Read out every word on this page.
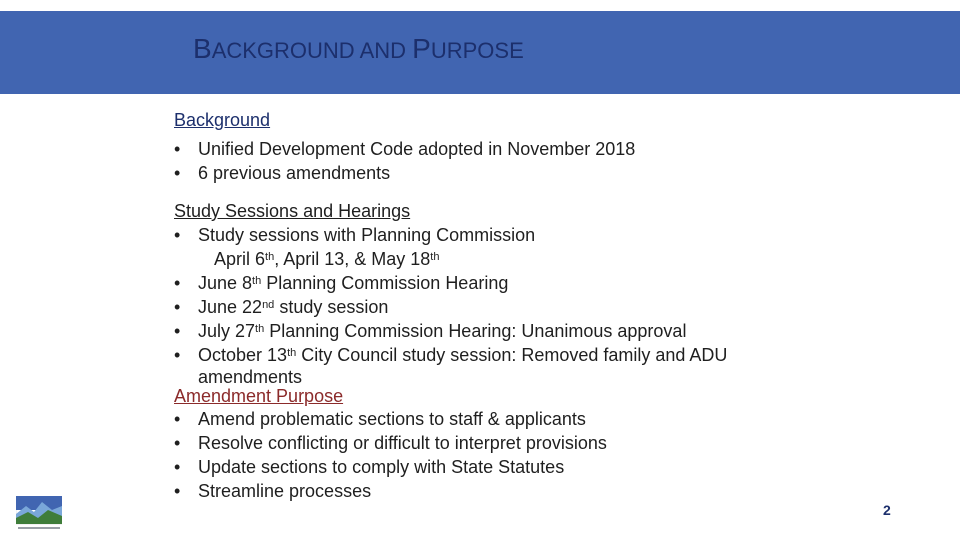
BACKGROUND AND PURPOSE
Background
• Unified Development Code adopted in November 2018
• 6 previous amendments
Study Sessions and Hearings
• Study sessions with Planning Commission
April 6th, April 13, & May 18th
• June 8th Planning Commission Hearing
• June 22nd study session
• July 27th Planning Commission Hearing: Unanimous approval
• October 13th City Council study session: Removed family and ADU
amendments
Amendment Purpose
• Amend problematic sections to staff & applicants
• Resolve conflicting or difficult to interpret provisions
• Update sections to comply with State Statutes
• Streamline processes
2
